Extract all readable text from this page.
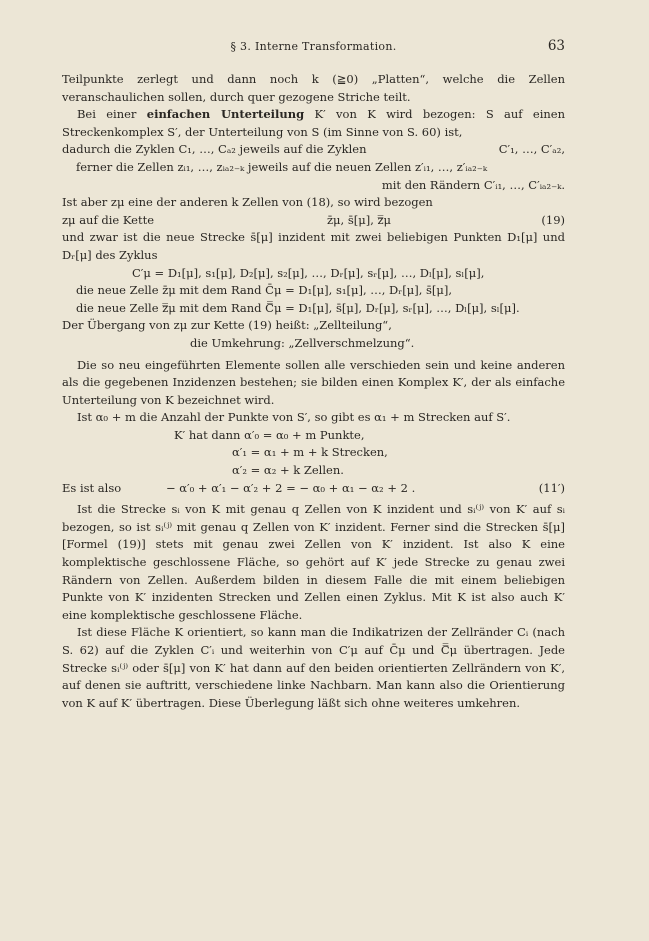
§ 3. Interne Transformation.	63
Teilpunkte zerlegt und dann noch k (≧0) „Platten“, welche die Zellen veranschaulichen sollen, durch quer gezogene Striche teilt.
Bei einer einfachen Unterteilung K′ von K wird bezogen: S auf einen Streckenkomplex S′, der Unterteilung von S (im Sinne von S. 60) ist,
dadurch die Zyklen C₁, …, Cₐ₂ jeweils auf die Zyklen	C′₁, …, C′ₐ₂,
ferner die Zellen zᵢ₁, …, zᵢₐ₂₋ₖ jeweils auf die neuen Zellen z′ᵢ₁, …, z′ᵢₐ₂₋ₖ
mit den Rändern C′ᵢ₁, …, C′ᵢₐ₂₋ₖ.
Ist aber zμ eine der anderen k Zellen von (18), so wird bezogen
zμ auf die Kette	z̄μ, s̄[μ], z̿μ	(19)
und zwar ist die neue Strecke s̄[μ] inzident mit zwei beliebigen Punkten D₁[μ] und Dᵣ[μ] des Zyklus
C′μ = D₁[μ], s₁[μ], D₂[μ], s₂[μ], …, Dᵣ[μ], sᵣ[μ], …, Dₗ[μ], sₗ[μ],
die neue Zelle z̄μ mit dem Rand C̄μ = D₁[μ], s₁[μ], …, Dᵣ[μ], s̄[μ],
die neue Zelle z̿μ mit dem Rand C̿μ = D₁[μ], s̄[μ], Dᵣ[μ], sᵣ[μ], …, Dₗ[μ], sₗ[μ].
Der Übergang von zμ zur Kette (19) heißt: „Zellteilung“,
die Umkehrung: „Zellverschmelzung“.
Die so neu eingeführten Elemente sollen alle verschieden sein und keine anderen als die gegebenen Inzidenzen bestehen; sie bilden einen Komplex K′, der als einfache Unterteilung von K bezeichnet wird.
Ist α₀ + m die Anzahl der Punkte von S′, so gibt es α₁ + m Strecken auf S′.
K′ hat dann α′₀ = α₀ + m Punkte,
α′₁ = α₁ + m + k Strecken,
α′₂ = α₂ + k Zellen.
Es ist also	− α′₀ + α′₁ − α′₂ + 2 = − α₀ + α₁ − α₂ + 2 .	(11′)
Ist die Strecke sᵢ von K mit genau q Zellen von K inzident und sᵢ⁽ʲ⁾ von K′ auf sᵢ bezogen, so ist sᵢ⁽ʲ⁾ mit genau q Zellen von K′ inzident. Ferner sind die Strecken s̄[μ] [Formel (19)] stets mit genau zwei Zellen von K′ inzident. Ist also K eine komplektische geschlossene Fläche, so gehört auf K′ jede Strecke zu genau zwei Rändern von Zellen. Außerdem bilden in diesem Falle die mit einem beliebigen Punkte von K′ inzidenten Strecken und Zellen einen Zyklus. Mit K ist also auch K′ eine komplektische geschlossene Fläche.
Ist diese Fläche K orientiert, so kann man die Indikatrizen der Zellränder Cᵢ (nach S. 62) auf die Zyklen C′ᵢ und weiterhin von C′μ auf C̄μ und C̿μ übertragen. Jede Strecke sᵢ⁽ʲ⁾ oder s̄[μ] von K′ hat dann auf den beiden orientierten Zellrändern von K′, auf denen sie auftritt, verschiedene linke Nachbarn. Man kann also die Orientierung von K auf K′ übertragen. Diese Überlegung läßt sich ohne weiteres umkehren.
